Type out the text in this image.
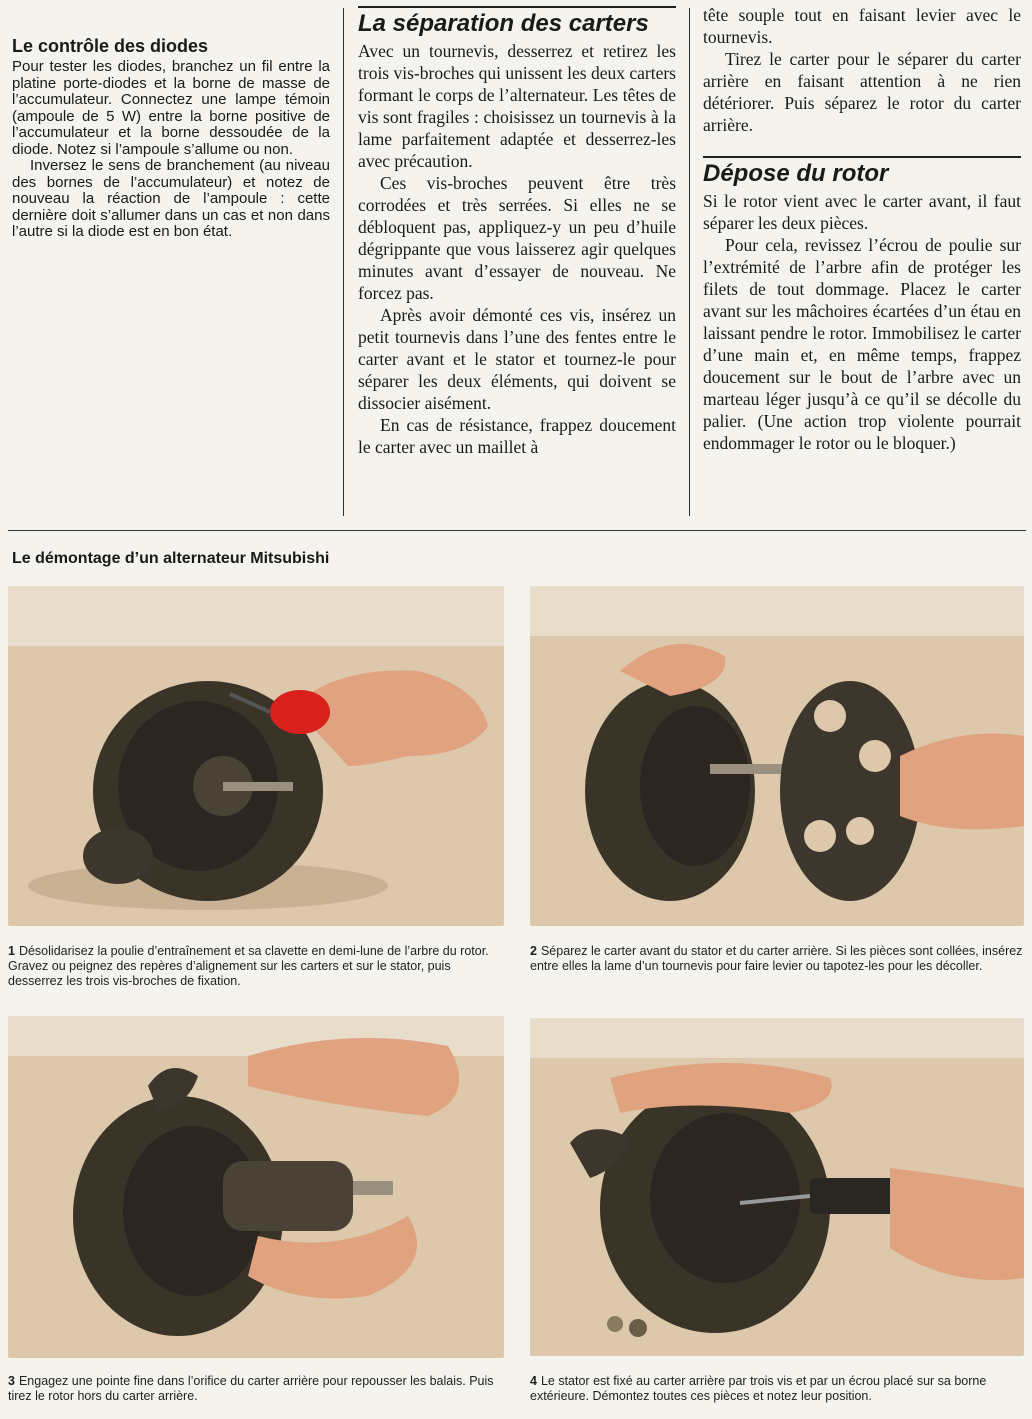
Le contrôle des diodes

Pour tester les diodes, branchez un fil entre la platine porte-diodes et la borne de masse de l’accumulateur. Connectez une lampe témoin (ampoule de 5 W) entre la borne positive de l’accumulateur et la borne dessoudée de la diode. Notez si l’ampoule s’allume ou non.

Inversez le sens de branchement (au niveau des bornes de l’accumulateur) et notez de nouveau la réaction de l’ampoule : cette dernière doit s’allumer dans un cas et non dans l’autre si la diode est en bon état.

La séparation des carters

Avec un tournevis, desserrez et retirez les trois vis-broches qui unissent les deux carters formant le corps de l’alternateur. Les têtes de vis sont fragiles : choisissez un tournevis à la lame parfaitement adaptée et desserrez-les avec précaution.

Ces vis-broches peuvent être très corrodées et très serrées. Si elles ne se débloquent pas, appliquez-y un peu d’huile dégrippante que vous laisserez agir quelques minutes avant d’essayer de nouveau. Ne forcez pas.

Après avoir démonté ces vis, insérez un petit tournevis dans l’une des fentes entre le carter avant et le stator et tournez-le pour séparer les deux éléments, qui doivent se dissocier aisément.

En cas de résistance, frappez doucement le carter avec un maillet à

tête souple tout en faisant levier avec le tournevis.

Tirez le carter pour le séparer du carter arrière en faisant attention à ne rien détériorer. Puis séparez le rotor du carter arrière.

Dépose du rotor

Si le rotor vient avec le carter avant, il faut séparer les deux pièces.

Pour cela, revissez l’écrou de poulie sur l’extrémité de l’arbre afin de protéger les filets de tout dommage. Placez le carter avant sur les mâchoires écartées d’un étau en laissant pendre le rotor. Immobilisez le carter d’une main et, en même temps, frappez doucement sur le bout de l’arbre avec un marteau léger jusqu’à ce qu’il se décolle du palier. (Une action trop violente pourrait endommager le rotor ou le bloquer.)

Le démontage d’un alternateur Mitsubishi
1 Désolidarisez la poulie d’entraînement et sa clavette en demi-lune de l’arbre du rotor. Gravez ou peignez des repères d’alignement sur les carters et sur le stator, puis desserrez les trois vis-broches de fixation.
2 Séparez le carter avant du stator et du carter arrière. Si les pièces sont collées, insérez entre elles la lame d’un tournevis pour faire levier ou tapotez-les pour les décoller.
3 Engagez une pointe fine dans l’orifice du carter arrière pour repousser les balais. Puis tirez le rotor hors du carter arrière.
4 Le stator est fixé au carter arrière par trois vis et par un écrou placé sur sa borne extérieure. Démontez toutes ces pièces et notez leur position.
